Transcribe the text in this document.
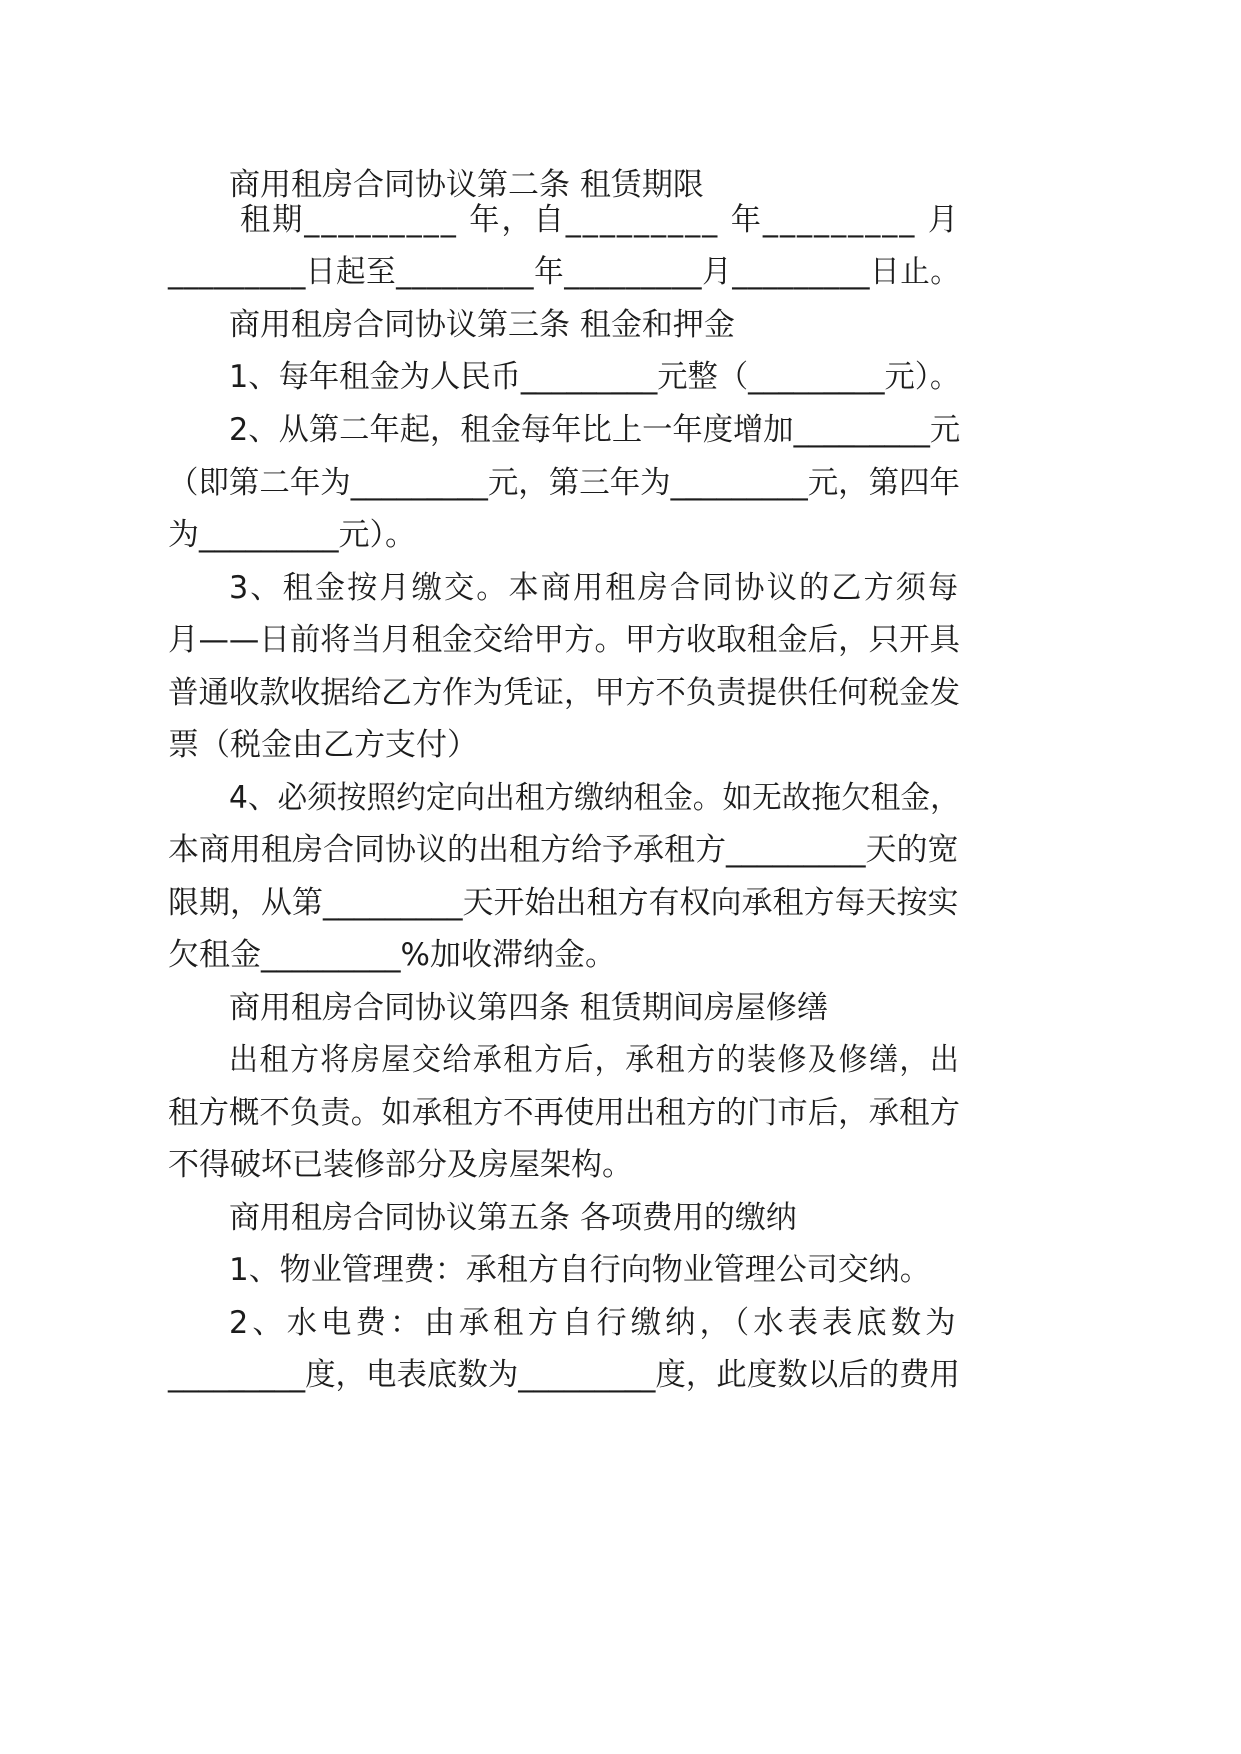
商用租房合同协议第二条 租赁期限
租期_________ 年，自_________ 年_________ 月
_________日起至_________年_________月_________日止。
商用租房合同协议第三条 租金和押金
1、每年租金为人民币_________元整（_________元）。
2、从第二年起，租金每年比上一年度增加_________元
（即第二年为_________元，第三年为_________元，第四年
为_________元）。
3、租金按月缴交。本商用租房合同协议的乙方须每
月——日前将当月租金交给甲方。甲方收取租金后，只开具
普通收款收据给乙方作为凭证，甲方不负责提供任何税金发
票（税金由乙方支付）
4、必须按照约定向出租方缴纳租金。如无故拖欠租金，
本商用租房合同协议的出租方给予承租方_________天的宽
限期，从第_________天开始出租方有权向承租方每天按实
欠租金_________%加收滞纳金。
商用租房合同协议第四条 租赁期间房屋修缮
出租方将房屋交给承租方后，承租方的装修及修缮，出
租方概不负责。如承租方不再使用出租方的门市后，承租方
不得破坏已装修部分及房屋架构。
商用租房合同协议第五条 各项费用的缴纳
1、物业管理费：承租方自行向物业管理公司交纳。
2、水电费：由承租方自行缴纳，（水表表底数为
_________度，电表底数为_________度，此度数以后的费用
